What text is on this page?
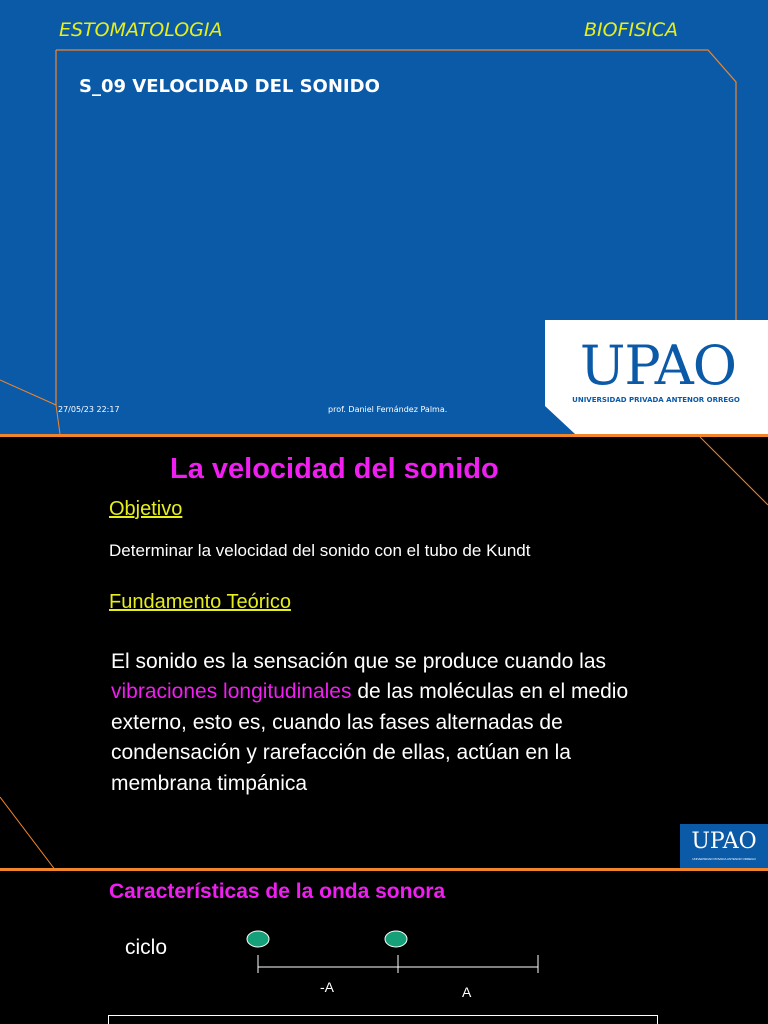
ESTOMATOLOGIA	BIOFISICA
S_09 VELOCIDAD DEL SONIDO
27/05/23 22:17	prof. Daniel Fernández Palma.
UPAO
UNIVERSIDAD PRIVADA ANTENOR ORREGO
La velocidad del sonido
Objetivo
Determinar la velocidad del sonido con el tubo de Kundt
Fundamento Teórico
El sonido es la sensación que se produce cuando las vibraciones longitudinales de las moléculas en el medio externo, esto es, cuando las fases alternadas de condensación y rarefacción de ellas, actúan en la membrana timpánica
UPAO
UNIVERSIDAD PRIVADA ANTENOR ORREGO
Características de la onda sonora
ciclo
-A	A
